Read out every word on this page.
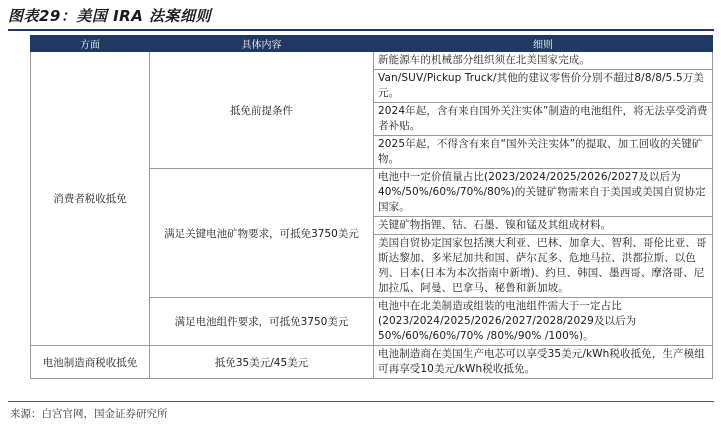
图表29：美国 IRA 法案细则
方面	具体内容	细则
消费者税收抵免	抵免前提条件	新能源车的机械部分组织须在北美国家完成。
		Van/SUV/Pickup Truck/其他的建议零售价分别不超过8/8/8/5.5万美元。
		2024年起，含有来自国外关注实体”制造的电池组件，将无法享受消费者补贴。
		2025年起，不得含有来自“国外关注实体”的提取、加工回收的关键矿物。
	满足关键电池矿物要求，可抵免3750美元	电池中一定价值量占比(2023/2024/2025/2026/2027及以后为40%/50%/60%/70%/80%)的关键矿物需来自于美国或美国自贸协定国家。
		关键矿物指锂、钴、石墨、镍和锰及其组成材料。
		美国自贸协定国家包括澳大利亚、巴林、加拿大、智利、哥伦比亚、哥斯达黎加、多米尼加共和国、萨尔瓦多、危地马拉、洪都拉斯、以色列、日本(日本为本次指南中新增)、约旦、韩国、墨西哥、摩洛哥、尼加拉瓜、阿曼、巴拿马、秘鲁和新加坡。
	满足电池组件要求，可抵免3750美元	电池中在北美制造或组装的电池组件需大于一定占比(2023/2024/2025/2026/2027/2028/2029及以后为50%/60%/60%/70% /80%/90% /100%)。
电池制造商税收抵免	抵免35美元/45美元	电池制造商在美国生产电芯可以享受35美元/kWh税收抵免，生产模组可再享受10美元/kWh税收抵免。
来源：白宫官网，国金证券研究所
